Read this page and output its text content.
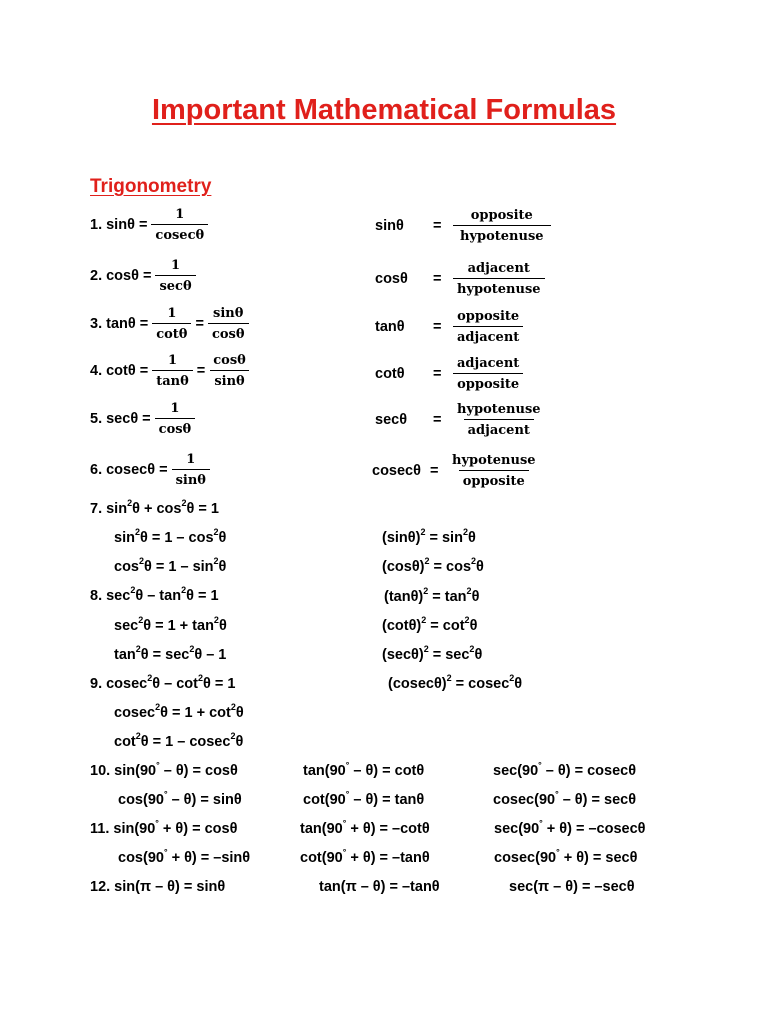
Important Mathematical Formulas
Trigonometry
1. $\sin\theta = \frac{1}{cosec\theta}$
2. $\cos\theta = \frac{1}{\sec\theta}$
3. $\tan\theta = \frac{1}{\cot\theta} = \frac{\sin\theta}{\cos\theta}$
4. $\cot\theta = \frac{1}{\tan\theta} = \frac{\cos\theta}{\sin\theta}$
5. $\sec\theta = \frac{1}{\cos\theta}$
6. $cosec\theta = \frac{1}{\sin\theta}$
sinθ	= $\frac{\text{opposite}}{\text{hypotenuse}}$
cosθ	= $\frac{\text{adjacent}}{\text{hypotenuse}}$
tanθ	= $\frac{\text{opposite}}{\text{adjacent}}$
cotθ	= $\frac{\text{adjacent}}{\text{opposite}}$
secθ	= $\frac{\text{hypotenuse}}{\text{adjacent}}$
$cosec\theta = \frac{\text{hypotenuse}}{\text{opposite}}$
7. $\sin^2\theta + \cos^2\theta = 1$
$\sin^2\theta = 1 - \cos^2\theta$
$\cos^2\theta = 1 - \sin^2\theta$
8. $\sec^2\theta - \tan^2\theta = 1$
$\sec^2\theta = 1 + \tan^2\theta$
$\tan^2\theta = \sec^2\theta - 1$
9. $cosec^2\theta - \cot^2\theta = 1$
$cosec^2\theta = 1 + \cot^2\theta$
$\cot^2\theta = 1 - cosec^2\theta$
$(\sin\theta)^2 = \sin^2\theta$
$(\cos\theta)^2 = \cos^2\theta$
$(\tan\theta)^2 = \tan^2\theta$
$(\cot\theta)^2 = \cot^2\theta$
$(\sec\theta)^2 = \sec^2\theta$
$(cosec\theta)^2 = cosec^2\theta$
10. sin(90° – θ) = cosθ	tan(90° – θ) = cotθ	sec(90° – θ) = cosecθ
cos(90° – θ) = sinθ	cot(90° – θ) = tanθ	cosec(90° – θ) = secθ
11. sin(90° + θ) = cosθ	tan(90° + θ) = –cotθ	sec(90° + θ) = –cosecθ
cos(90° + θ) = –sinθ	cot(90° + θ) = –tanθ	cosec(90° + θ) = secθ
12. sin(π – θ) = sinθ	tan(π – θ) = –tanθ	sec(π – θ) = –secθ
